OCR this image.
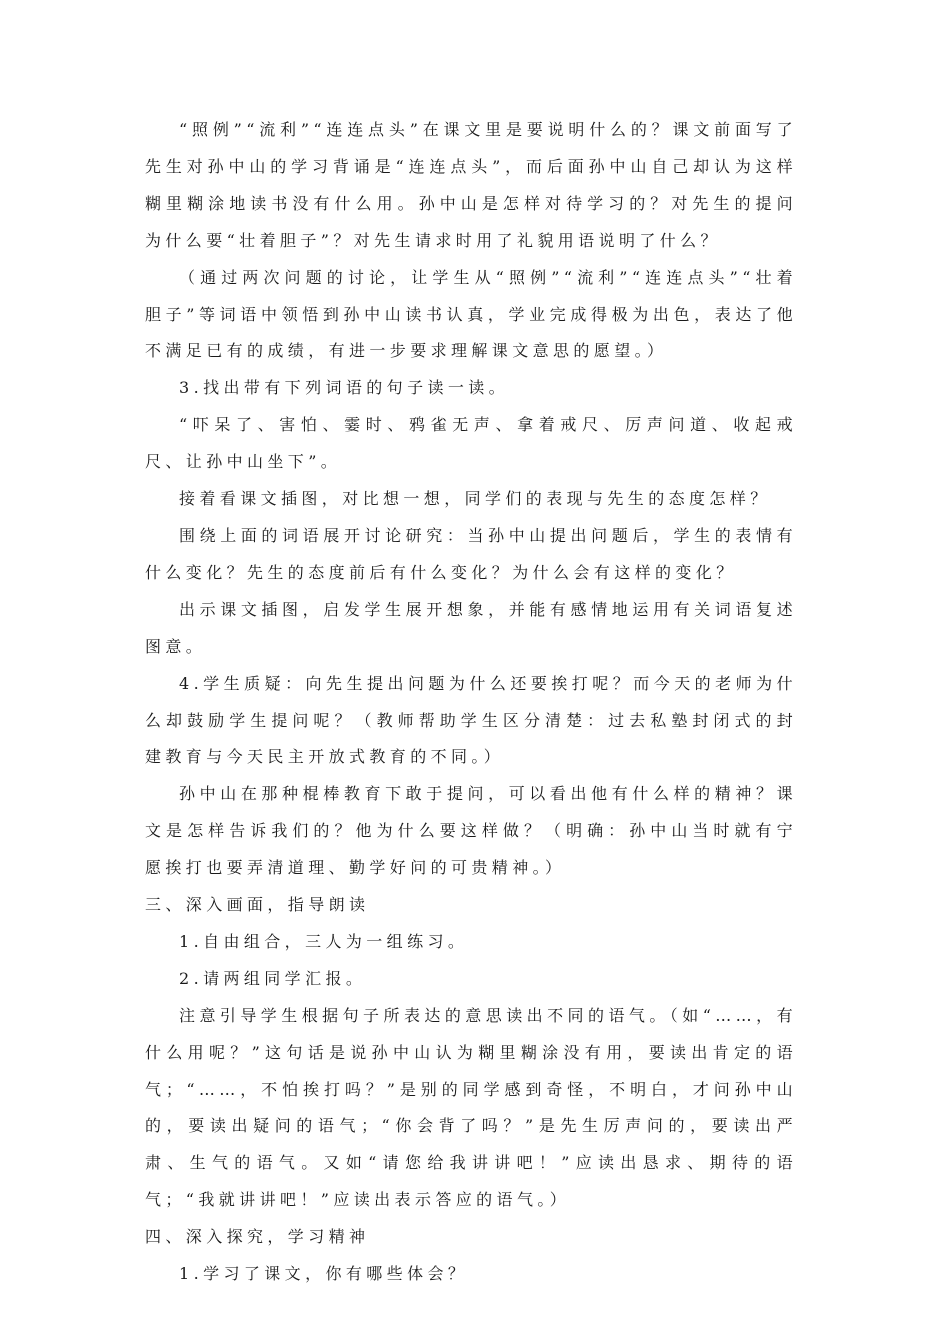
“照例”“流利”“连连点头”在课文里是要说明什么的？课文前面写了先生对孙中山的学习背诵是“连连点头”，而后面孙中山自己却认为这样糊里糊涂地读书没有什么用。孙中山是怎样对待学习的？对先生的提问为什么要“壮着胆子”？对先生请求时用了礼貌用语说明了什么？

（通过两次问题的讨论，让学生从“照例”“流利”“连连点头”“壮着胆子”等词语中领悟到孙中山读书认真，学业完成得极为出色，表达了他不满足已有的成绩，有进一步要求理解课文意思的愿望。）

3.找出带有下列词语的句子读一读。

“吓呆了、害怕、霎时、鸦雀无声、拿着戒尺、厉声问道、收起戒尺、让孙中山坐下”。

接着看课文插图，对比想一想，同学们的表现与先生的态度怎样？

围绕上面的词语展开讨论研究：当孙中山提出问题后，学生的表情有什么变化？先生的态度前后有什么变化？为什么会有这样的变化？

出示课文插图，启发学生展开想象，并能有感情地运用有关词语复述图意。

4.学生质疑：向先生提出问题为什么还要挨打呢？而今天的老师为什么却鼓励学生提问呢？（教师帮助学生区分清楚：过去私塾封闭式的封建教育与今天民主开放式教育的不同。）

孙中山在那种棍棒教育下敢于提问，可以看出他有什么样的精神？课文是怎样告诉我们的？他为什么要这样做？（明确：孙中山当时就有宁愿挨打也要弄清道理、勤学好问的可贵精神。）

三、深入画面，指导朗读

1.自由组合，三人为一组练习。

2.请两组同学汇报。

注意引导学生根据句子所表达的意思读出不同的语气。（如“……，有什么用呢？”这句话是说孙中山认为糊里糊涂没有用，要读出肯定的语气；“……，不怕挨打吗？”是别的同学感到奇怪，不明白，才问孙中山的，要读出疑问的语气；“你会背了吗？”是先生厉声问的，要读出严肃、生气的语气。又如“请您给我讲讲吧！”应读出恳求、期待的语气；“我就讲讲吧！”应读出表示答应的语气。）

四、深入探究，学习精神

1.学习了课文，你有哪些体会？
